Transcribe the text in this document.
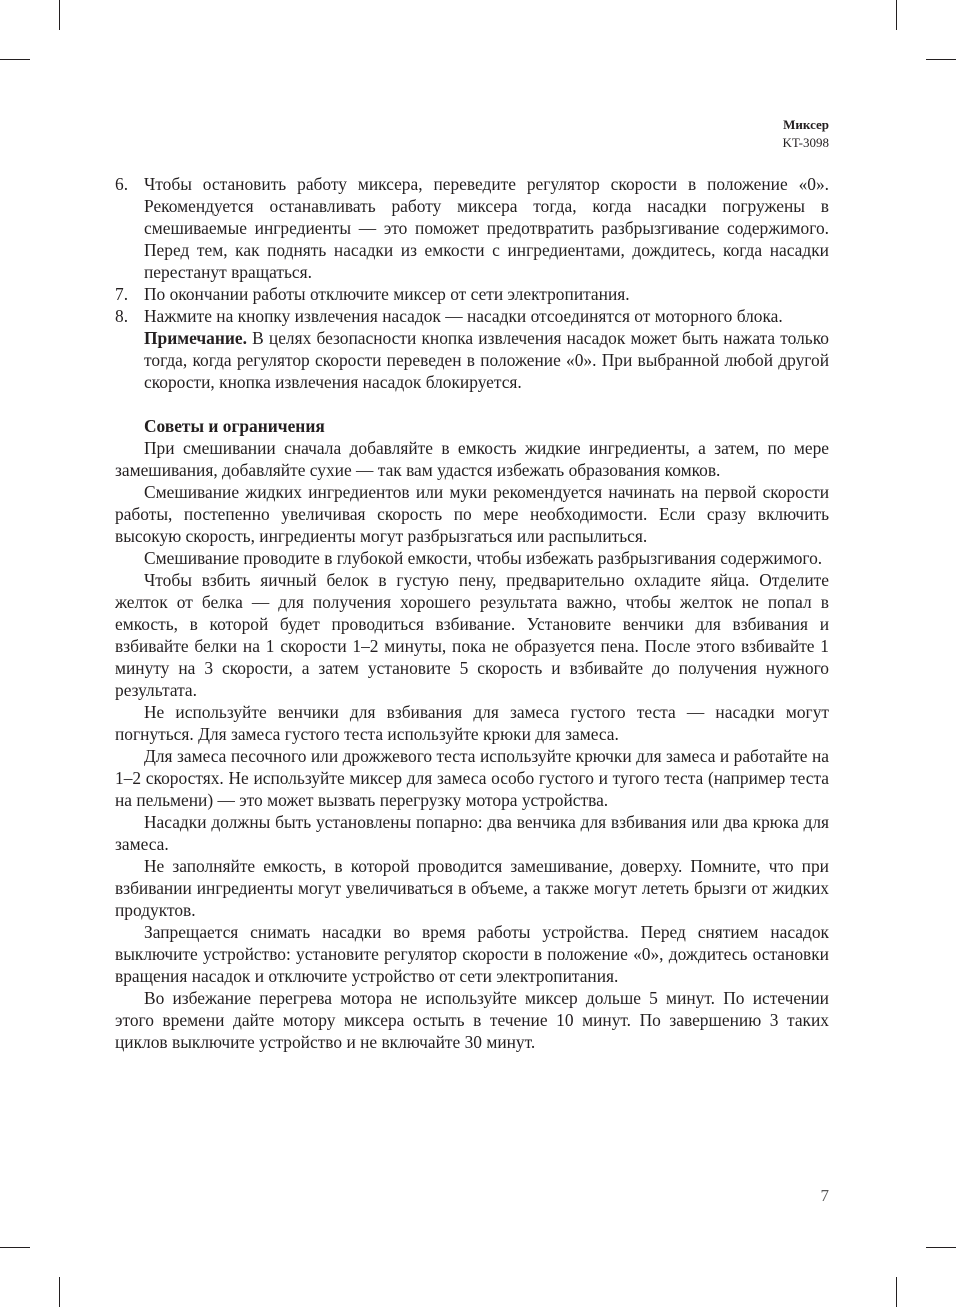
Миксер
KT-3098
6. Чтобы остановить работу миксера, переведите регулятор скорости в положение «0». Рекомендуется останавливать работу миксера тогда, когда насадки погружены в смешиваемые ингредиенты — это поможет предотвратить разбрызгивание содержимого. Перед тем, как поднять насадки из емкости с ингредиентами, дождитесь, когда насадки перестанут вращаться.
7. По окончании работы отключите миксер от сети электропитания.
8. Нажмите на кнопку извлечения насадок — насадки отсоединятся от моторного блока.
Примечание. В целях безопасности кнопка извлечения насадок может быть нажата только тогда, когда регулятор скорости переведен в положение «0». При выбранной любой другой скорости, кнопка извлечения насадок блокируется.
Советы и ограничения

При смешивании сначала добавляйте в емкость жидкие ингредиенты, а затем, по мере замешивания, добавляйте сухие — так вам удастся избежать образования комков.

Смешивание жидких ингредиентов или муки рекомендуется начинать на первой скорости работы, постепенно увеличивая скорость по мере необходимости. Если сразу включить высокую скорость, ингредиенты могут разбрызгаться или распылиться.

Смешивание проводите в глубокой емкости, чтобы избежать разбрызгивания содержимого.

Чтобы взбить яичный белок в густую пену, предварительно охладите яйца. Отделите желток от белка — для получения хорошего результата важно, чтобы желток не попал в емкость, в которой будет проводиться взбивание. Установите венчики для взбивания и взбивайте белки на 1 скорости 1–2 минуты, пока не образуется пена. После этого взбивайте 1 минуту на 3 скорости, а затем установите 5 скорость и взбивайте до получения нужного результата.

Не используйте венчики для взбивания для замеса густого теста — насадки могут погнуться. Для замеса густого теста используйте крюки для замеса.

Для замеса песочного или дрожжевого теста используйте крючки для замеса и работайте на 1–2 скоростях. Не используйте миксер для замеса особо густого и тугого теста (например теста на пельмени) — это может вызвать перегрузку мотора устройства.

Насадки должны быть установлены попарно: два венчика для взбивания или два крюка для замеса.

Не заполняйте емкость, в которой проводится замешивание, доверху. Помните, что при взбивании ингредиенты могут увеличиваться в объеме, а также могут лететь брызги от жидких продуктов.

Запрещается снимать насадки во время работы устройства. Перед снятием насадок выключите устройство: установите регулятор скорости в положение «0», дождитесь остановки вращения насадок и отключите устройство от сети электропитания.

Во избежание перегрева мотора не используйте миксер дольше 5 минут. По истечении этого времени дайте мотору миксера остыть в течение 10 минут. По завершению 3 таких циклов выключите устройство и не включайте 30 минут.

7
